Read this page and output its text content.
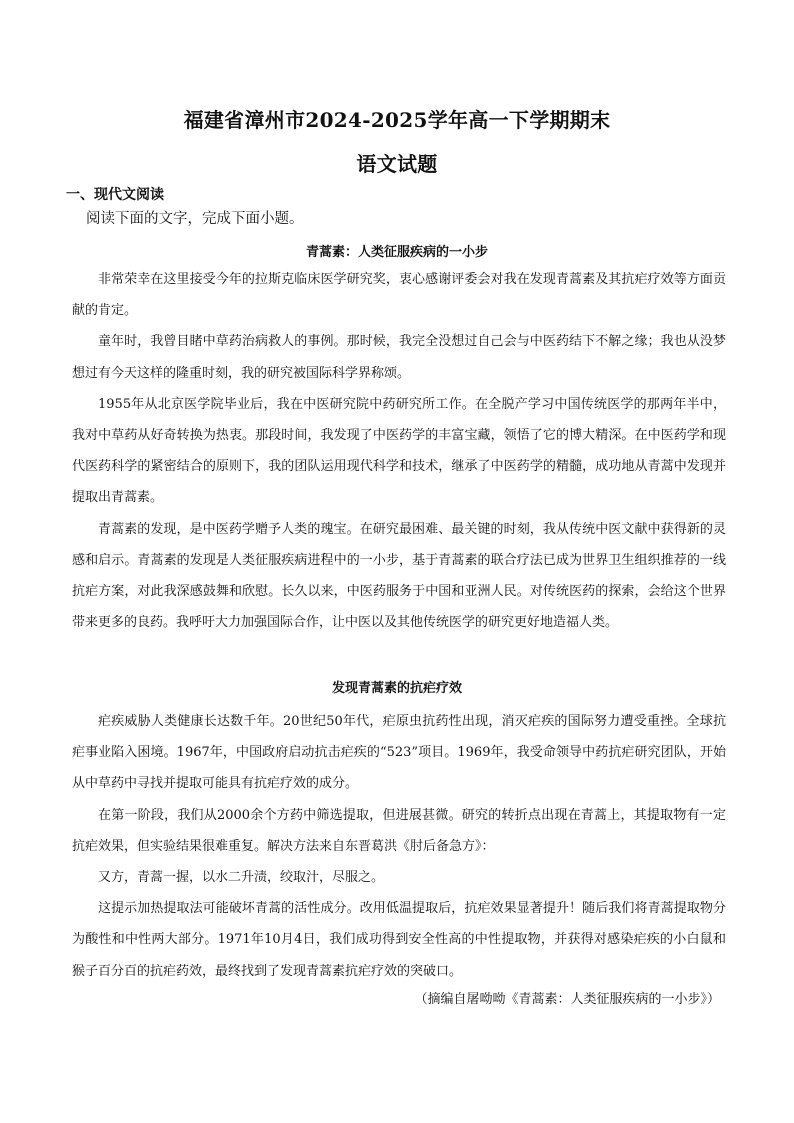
福建省漳州市2024-2025学年高一下学期期末
语文试题
一、现代文阅读
阅读下面的文字，完成下面小题。
青蒿素：人类征服疾病的一小步

非常荣幸在这里接受今年的拉斯克临床医学研究奖，衷心感谢评委会对我在发现青蒿素及其抗疟疗效等方面贡献的肯定。

童年时，我曾目睹中草药治病救人的事例。那时候，我完全没想过自己会与中医药结下不解之缘；我也从没梦想过有今天这样的隆重时刻，我的研究被国际科学界称颂。

1955年从北京医学院毕业后，我在中医研究院中药研究所工作。在全脱产学习中国传统医学的那两年半中，我对中草药从好奇转换为热衷。那段时间，我发现了中医药学的丰富宝藏，领悟了它的博大精深。在中医药学和现代医药科学的紧密结合的原则下，我的团队运用现代科学和技术，继承了中医药学的精髓，成功地从青蒿中发现并提取出青蒿素。

青蒿素的发现，是中医药学赠予人类的瑰宝。在研究最困难、最关键的时刻，我从传统中医文献中获得新的灵感和启示。青蒿素的发现是人类征服疾病进程中的一小步，基于青蒿素的联合疗法已成为世界卫生组织推荐的一线抗疟方案，对此我深感鼓舞和欣慰。长久以来，中医药服务于中国和亚洲人民。对传统医药的探索，会给这个世界带来更多的良药。我呼吁大力加强国际合作，让中医以及其他传统医学的研究更好地造福人类。

发现青蒿素的抗疟疗效

疟疾威胁人类健康长达数千年。20世纪50年代，疟原虫抗药性出现，消灭疟疾的国际努力遭受重挫。全球抗疟事业陷入困境。1967年，中国政府启动抗击疟疾的“523”项目。1969年，我受命领导中药抗疟研究团队，开始从中草药中寻找并提取可能具有抗疟疗效的成分。

在第一阶段，我们从2000余个方药中筛选提取，但进展甚微。研究的转折点出现在青蒿上，其提取物有一定抗疟效果，但实验结果很难重复。解决方法来自东晋葛洪《肘后备急方》：

又方，青蒿一握，以水二升渍，绞取汁，尽服之。

这提示加热提取法可能破坏青蒿的活性成分。改用低温提取后，抗疟效果显著提升！随后我们将青蒿提取物分为酸性和中性两大部分。1971年10月4日，我们成功得到安全性高的中性提取物，并获得对感染疟疾的小白鼠和猴子百分百的抗疟药效，最终找到了发现青蒿素抗疟疗效的突破口。

（摘编自屠呦呦《青蒿素：人类征服疾病的一小步》）
